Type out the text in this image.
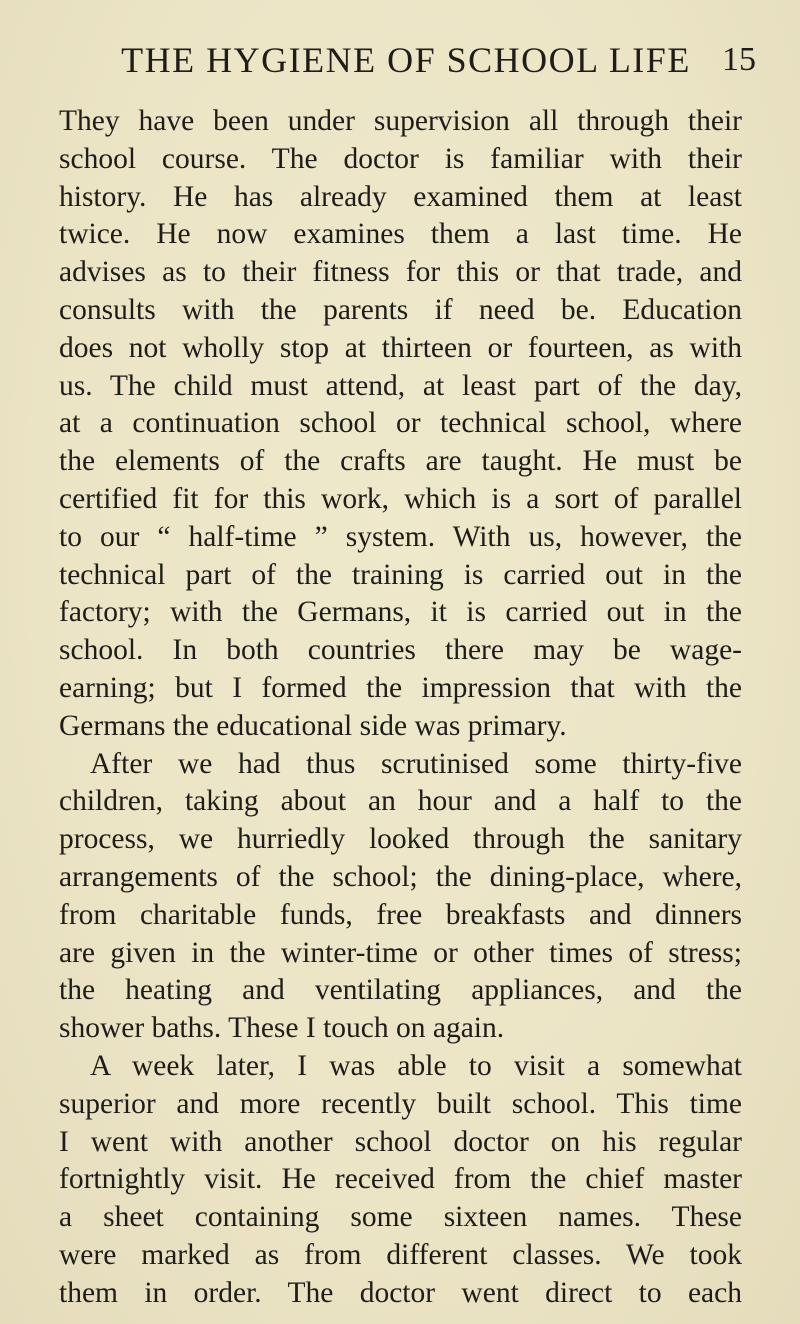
THE HYGIENE OF SCHOOL LIFE 15
They have been under supervision all through their
school course. The doctor is familiar with their
history. He has already examined them at least
twice. He now examines them a last time. He
advises as to their fitness for this or that trade, and
consults with the parents if need be. Education
does not wholly stop at thirteen or fourteen, as with
us. The child must attend, at least part of the day,
at a continuation school or technical school, where
the elements of the crafts are taught. He must be
certified fit for this work, which is a sort of parallel
to our “ half-time ” system. With us, however, the
technical part of the training is carried out in the
factory; with the Germans, it is carried out in the
school. In both countries there may be wage-
earning; but I formed the impression that with the
Germans the educational side was primary.
After we had thus scrutinised some thirty-five
children, taking about an hour and a half to the
process, we hurriedly looked through the sanitary
arrangements of the school; the dining-place, where,
from charitable funds, free breakfasts and dinners
are given in the winter-time or other times of stress;
the heating and ventilating appliances, and the
shower baths. These I touch on again.
A week later, I was able to visit a somewhat
superior and more recently built school. This time
I went with another school doctor on his regular
fortnightly visit. He received from the chief master
a sheet containing some sixteen names. These
were marked as from different classes. We took
them in order. The doctor went direct to each
